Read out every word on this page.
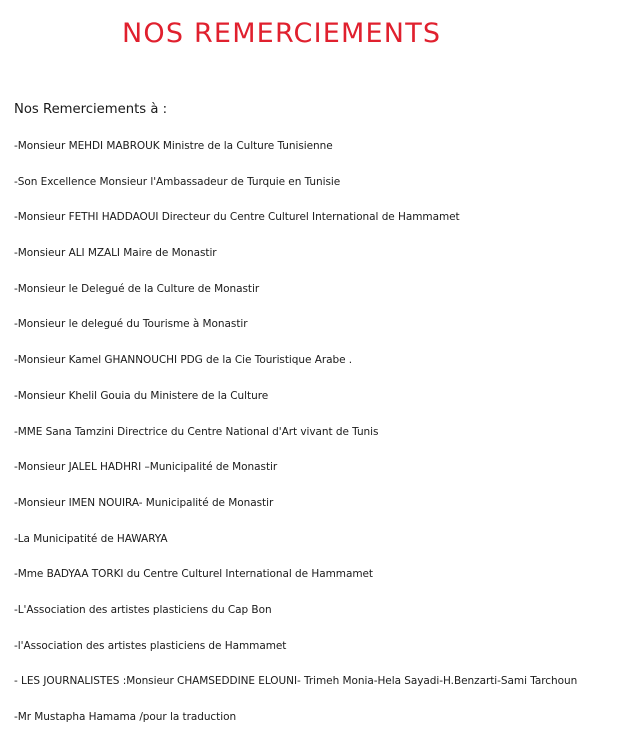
NOS REMERCIEMENTS
Nos Remerciements à :
-Monsieur MEHDI MABROUK Ministre de la Culture Tunisienne
-Son Excellence Monsieur l'Ambassadeur de Turquie en Tunisie
-Monsieur FETHI HADDAOUI Directeur du Centre Culturel International de Hammamet
-Monsieur ALI MZALI Maire de Monastir
-Monsieur le Delegué de la Culture de Monastir
-Monsieur le delegué du Tourisme à Monastir
-Monsieur Kamel GHANNOUCHI PDG de la Cie Touristique Arabe .
-Monsieur Khelil Gouia du Ministere de la Culture
-MME Sana Tamzini Directrice du Centre National d'Art vivant de Tunis
-Monsieur JALEL HADHRI –Municipalité de Monastir
-Monsieur IMEN NOUIRA- Municipalité de Monastir
-La Municipatité de HAWARYA
-Mme BADYAA TORKI du Centre Culturel International de Hammamet
-L'Association des artistes plasticiens du Cap Bon
-l'Association des artistes plasticiens de Hammamet
- LES JOURNALISTES :Monsieur CHAMSEDDINE ELOUNI- Trimeh Monia-Hela Sayadi-H.Benzarti-Sami Tarchoun
-Mr Mustapha Hamama /pour la traduction
